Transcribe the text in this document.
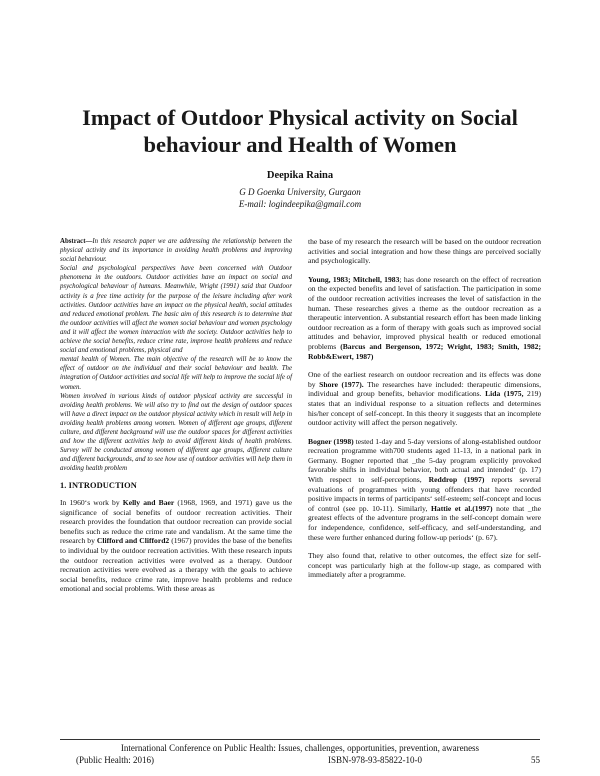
Impact of Outdoor Physical activity on Social
behaviour and Health of Women
Deepika Raina
G D Goenka University, Gurgaon
E-mail: logindeepika@gmail.com

Abstract—In this research paper we are addressing the relationship between the physical activity and its importance in avoiding health problems and improving social behaviour.

Social and psychological perspectives have been concerned with Outdoor phenomena in the outdoors. Outdoor activities have an impact on social and psychological behaviour of humans. Meanwhile, Wright (1991) said that Outdoor activity is a free time activity for the purpose of the leisure including after work activities. Outdoor activities have an impact on the physical health, social attitudes and reduced emotional problem. The basic aim of this research is to determine that the outdoor activities will affect the women social behaviour and women psychology and it will affect the women interaction with the society. Outdoor activities help to achieve the social benefits, reduce crime rate, improve health problems and reduce social and emotional problems, physical and

mental health of Women. The main objective of the research will be to know the effect of outdoor on the individual and their social behaviour and health. The integration of Outdoor activities and social life will help to improve the social life of women.

Women involved in various kinds of outdoor physical activity are successful in avoiding health problems. We will also try to find out the design of outdoor spaces will have a direct impact on the outdoor physical activity which in result will help in avoiding health problems among women. Women of different age groups, different culture, and different background will use the outdoor spaces for different activities and how the different activities help to avoid different kinds of health problems. Survey will be conducted among women of different age groups, different culture and different backgrounds, and to see how use of outdoor activities will help them in avoiding health problem

1. INTRODUCTION

In 1960‘s work by Kelly and Baer (1968, 1969, and 1971) gave us the significance of social benefits of outdoor recreation activities. Their research provides the foundation that outdoor recreation can provide social benefits such as reduce the crime rate and vandalism. At the same time the research by Clifford and Clifford2 (1967) provides the base of the benefits to individual by the outdoor recreation activities. With these research inputs the outdoor recreation activities were evolved as a therapy. Outdoor recreation activities were evolved as a therapy with the goals to achieve social benefits, reduce crime rate, improve health problems and reduce emotional and social problems. With these areas as

the base of my research the research will be based on the outdoor recreation activities and social integration and how these things are perceived socially and psychologically.

Young, 1983; Mitchell, 1983; has done research on the effect of recreation on the expected benefits and level of satisfaction. The participation in some of the outdoor recreation activities increases the level of satisfaction in the human. These researches gives a theme as the outdoor recreation as a therapeutic intervention. A substantial research effort has been made linking outdoor recreation as a form of therapy with goals such as improved social attitudes and behavior, improved physical health or reduced emotional problems (Barcus and Bergenson, 1972; Wright, 1983; Smith, 1982; Robb&Ewert, 1987)

One of the earliest research on outdoor recreation and its effects was done by Shore (1977). The researches have included: therapeutic dimensions, individual and group benefits, behavior modifications. Lida (1975, 219) states that an individual response to a situation reflects and determines his/her concept of self-concept. In this theory it suggests that an incomplete outdoor activity will affect the person negatively.

Bogner (1998) tested 1-day and 5-day versions of along-established outdoor recreation programme with700 students aged 11-13, in a national park in Germany. Bogner reported that _the 5-day program explicitly provoked favorable shifts in individual behavior, both actual and intended‘ (p. 17) With respect to self-perceptions, Reddrop (1997) reports several evaluations of programmes with young offenders that have recorded positive impacts in terms of participants‘ self-esteem; self-concept and locus of control (see pp. 10-11). Similarly, Hattie et al.(1997) note that _the greatest effects of the adventure programs in the self-concept domain were for independence, confidence, self-efficacy, and self-understanding, and these were further enhanced during follow-up periods‘ (p. 67).

They also found that, relative to other outcomes, the effect size for self-concept was particularly high at the follow-up stage, as compared with immediately after a programme.

International Conference on Public Health: Issues, challenges, opportunities, prevention, awareness
(Public Health: 2016)	ISBN-978-93-85822-10-0	55
